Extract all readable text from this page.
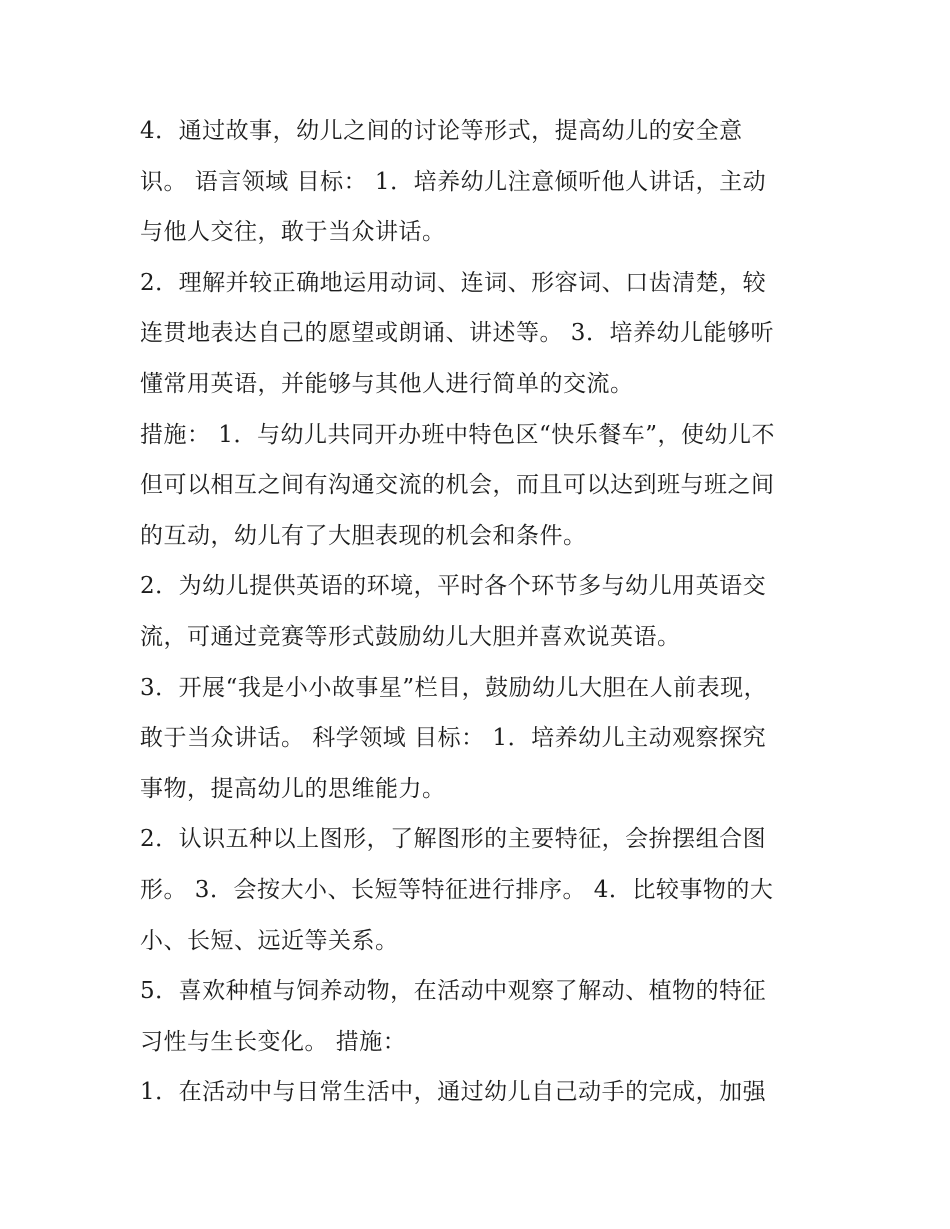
4．通过故事，幼儿之间的讨论等形式，提高幼儿的安全意
识。 语言领域 目标： 1．培养幼儿注意倾听他人讲话，主动
与他人交往，敢于当众讲话。
2．理解并较正确地运用动词、连词、形容词、口齿清楚，较
连贯地表达自己的愿望或朗诵、讲述等。 3．培养幼儿能够听
懂常用英语，并能够与其他人进行简单的交流。
措施： 1．与幼儿共同开办班中特色区“快乐餐车”，使幼儿不
但可以相互之间有沟通交流的机会，而且可以达到班与班之间
的互动，幼儿有了大胆表现的机会和条件。
2．为幼儿提供英语的环境，平时各个环节多与幼儿用英语交
流，可通过竞赛等形式鼓励幼儿大胆并喜欢说英语。
3．开展“我是小小故事星”栏目，鼓励幼儿大胆在人前表现，
敢于当众讲话。 科学领域 目标： 1．培养幼儿主动观察探究
事物，提高幼儿的思维能力。
2．认识五种以上图形，了解图形的主要特征，会拚摆组合图
形。 3．会按大小、长短等特征进行排序。 4．比较事物的大
小、长短、远近等关系。
5．喜欢种植与饲养动物，在活动中观察了解动、植物的特征
习性与生长变化。 措施：
1．在活动中与日常生活中，通过幼儿自己动手的完成，加强
